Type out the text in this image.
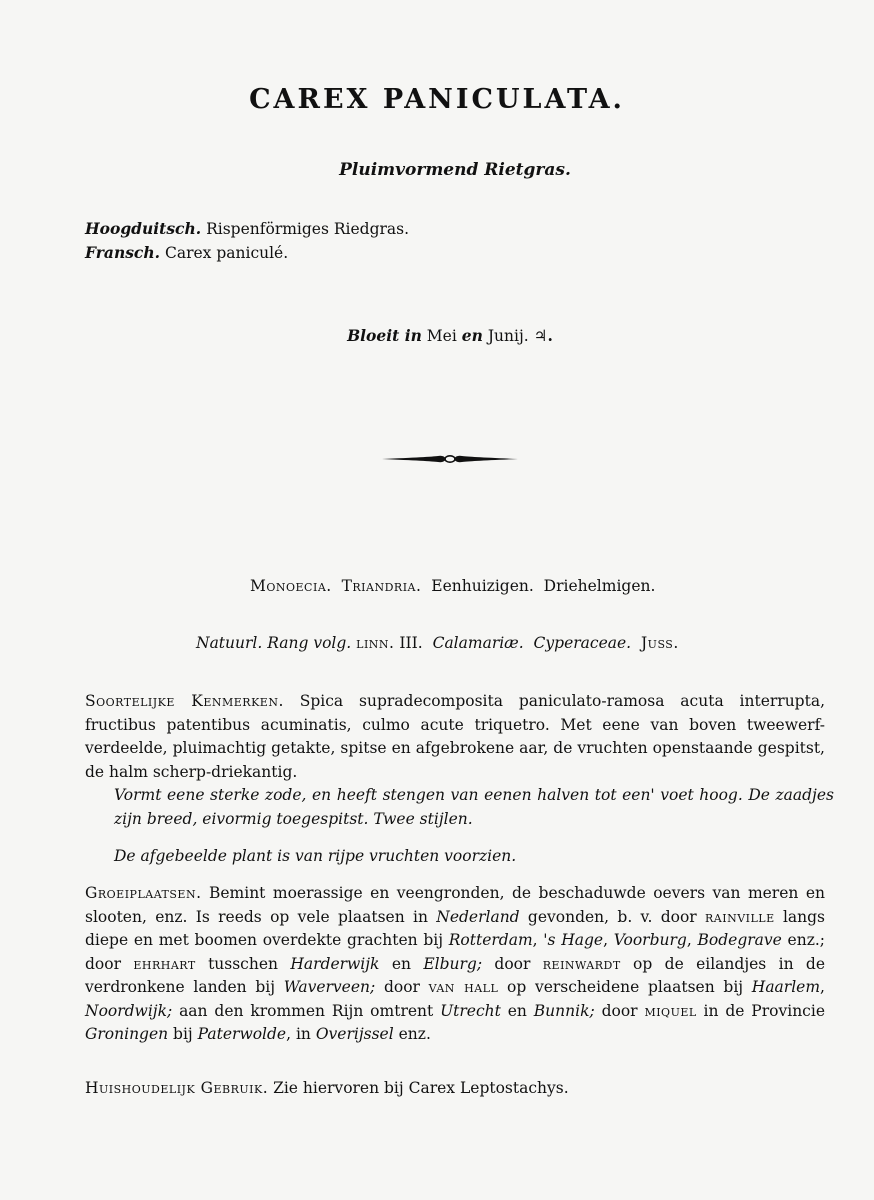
CAREX PANICULATA.
Pluimvormend Rietgras.
Hoogduitsch. Rispenförmiges Riedgras.
Fransch. Carex paniculé.
Bloeit in Mei en Junij. ♃.
Monoecia. Triandria. Eenhuizigen. Driehelmigen.
Natuurl. Rang volg. linn. III. Calamariæ. Cyperaceae. Juss.
Soortelijke Kenmerken. Spica supradecomposita paniculato-ramosa acuta interrupta, fructibus patentibus acuminatis, culmo acute triquetro. Met eene van boven tweewerf-verdeelde, pluimachtig getakte, spitse en afgebrokene aar, de vruchten openstaande gespitst, de halm scherp-driekantig.
Vormt eene sterke zode, en heeft stengen van eenen halven tot een' voet hoog. De zaadjes zijn breed, eivormig toegespitst. Twee stijlen.
De afgebeelde plant is van rijpe vruchten voorzien.
Groeiplaatsen. Bemint moerassige en veengronden, de beschaduwde oevers van meren en slooten, enz. Is reeds op vele plaatsen in Nederland gevonden, b. v. door rainville langs diepe en met boomen overdekte grachten bij Rotterdam, 's Hage, Voorburg, Bodegrave enz.; door ehrhart tusschen Harderwijk en Elburg; door reinwardt op de eilandjes in de verdronkene landen bij Waverveen; door van hall op verscheidene plaatsen bij Haarlem, Noordwijk; aan den krommen Rijn omtrent Utrecht en Bunnik; door miquel in de Provincie Groningen bij Paterwolde, in Overijssel enz.
Huishoudelijk Gebruik. Zie hiervoren bij Carex Leptostachys.
